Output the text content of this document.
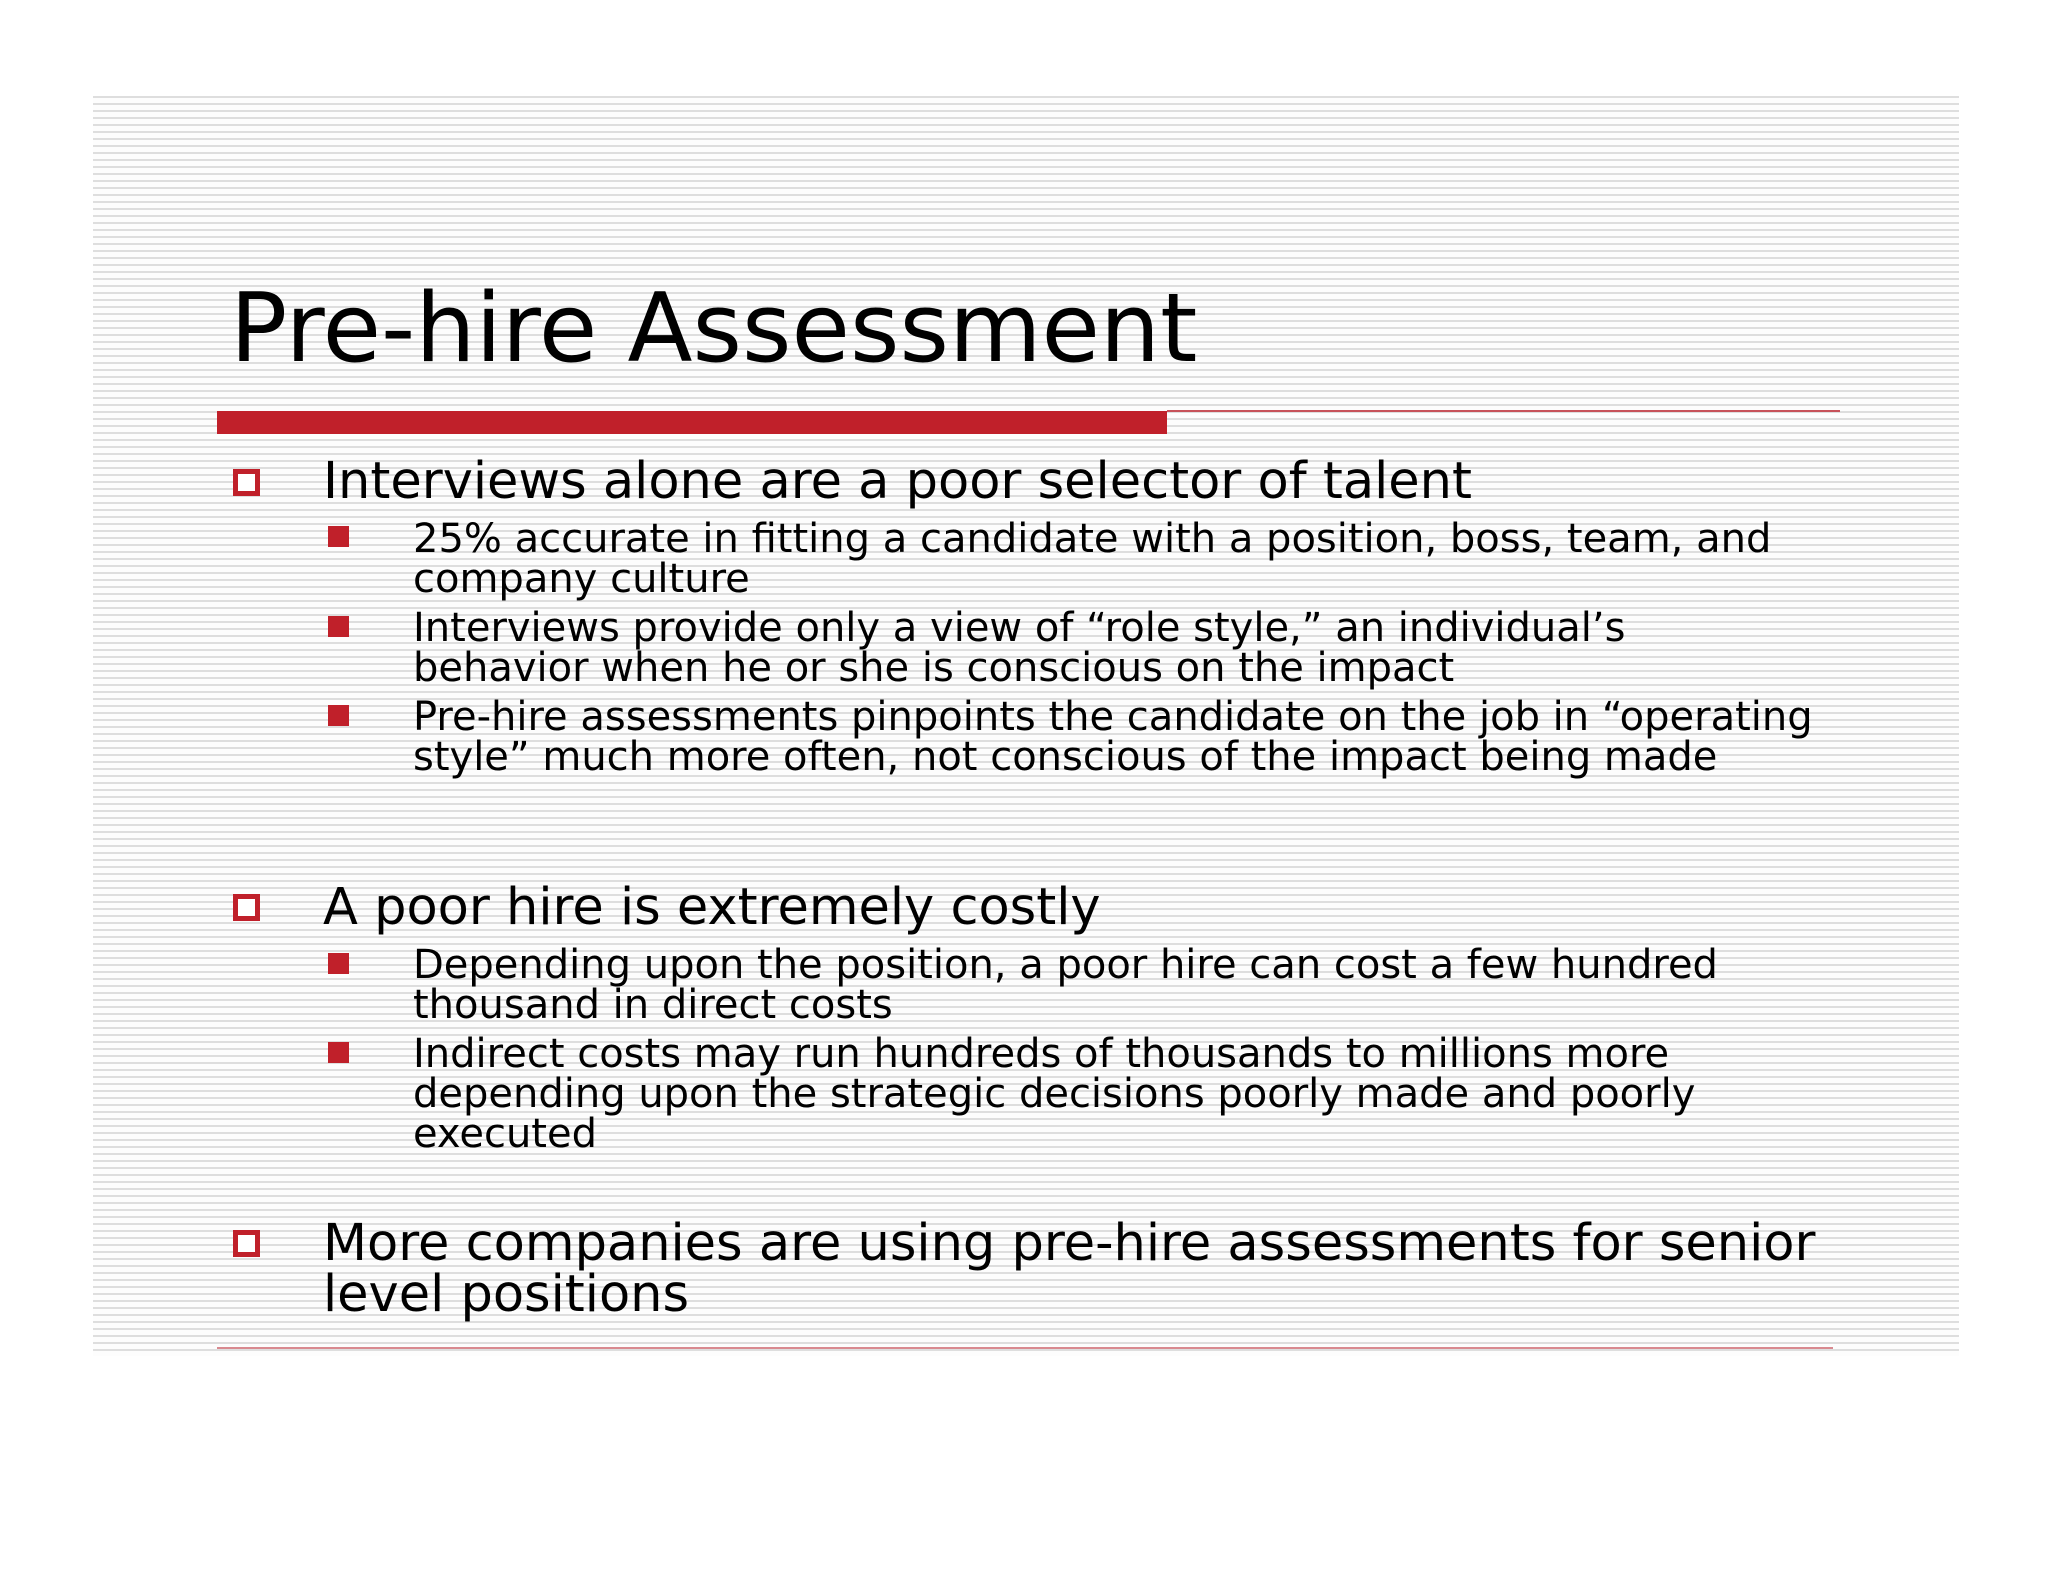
Pre-hire Assessment

Interviews alone are a poor selector of talent

25% accurate in fitting a candidate with a position, boss, team, and company culture

Interviews provide only a view of “role style,” an individual’s behavior when he or she is conscious on the impact

Pre-hire assessments pinpoints the candidate on the job in “operating style” much more often, not conscious of the impact being made

A poor hire is extremely costly

Depending upon the position, a poor hire can cost a few hundred thousand in direct costs

Indirect costs may run hundreds of thousands to millions more depending upon the strategic decisions poorly made and poorly executed

More companies are using pre-hire assessments for senior level positions
